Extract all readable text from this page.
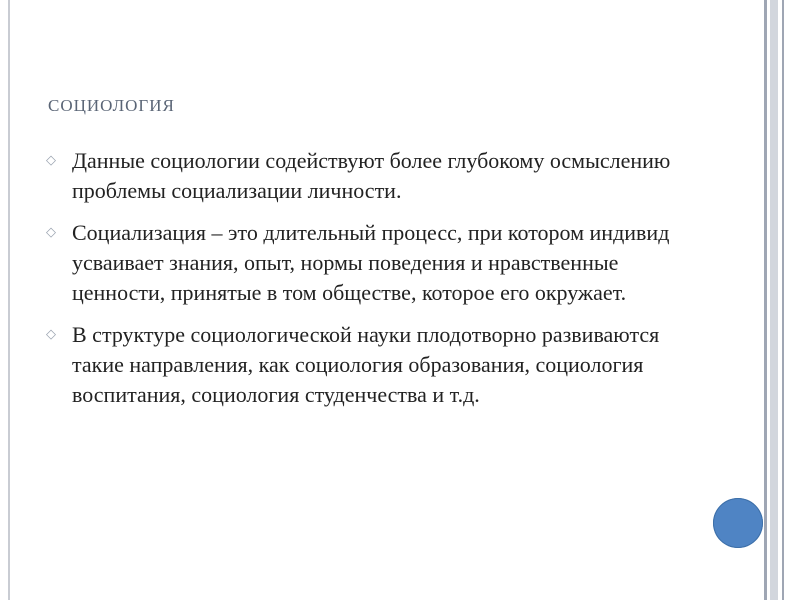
СОЦИОЛОГИЯ
◇ Данные социологии содействуют более глубокому осмыслению проблемы социализации личности.
◇ Социализация – это длительный процесс, при котором индивид усваивает знания, опыт, нормы поведения и нравственные ценности, принятые в том обществе, которое его окружает.
◇ В структуре социологической науки плодотворно развиваются такие направления, как социология образования, социология воспитания, социология студенчества и т.д.
